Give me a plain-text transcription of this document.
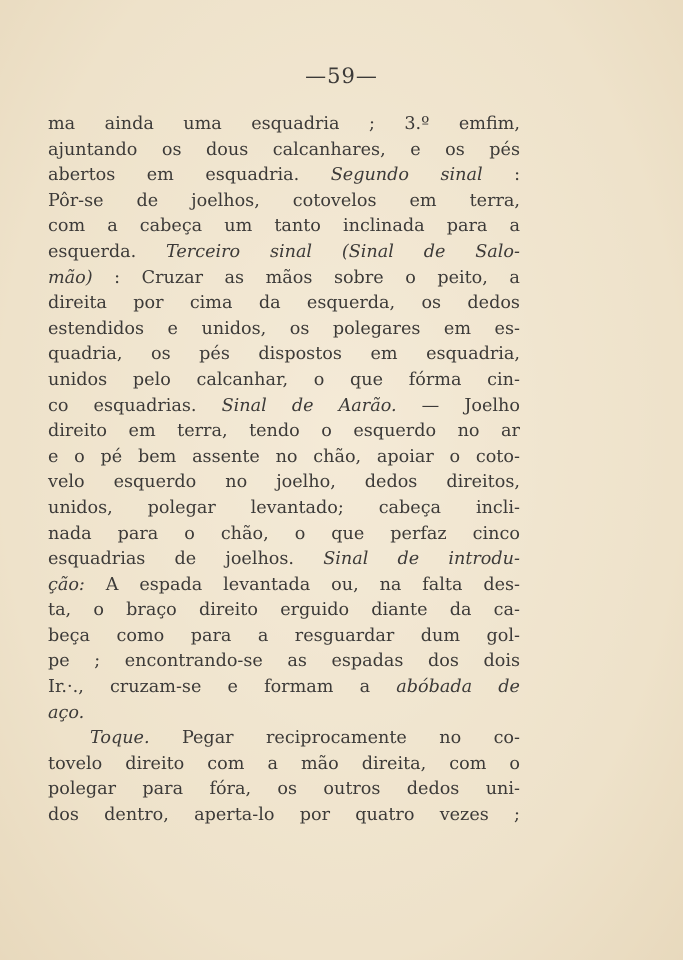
—59—
ma ainda uma esquadria ; 3.º emfim,
ajuntando os dous calcanhares, e os pés
abertos em esquadria. Segundo sinal :
Pôr-se de joelhos, cotovelos em terra,
com a cabeça um tanto inclinada para a
esquerda. Terceiro sinal (Sinal de Salo-
mão) : Cruzar as mãos sobre o peito, a
direita por cima da esquerda, os dedos
estendidos e unidos, os polegares em es-
quadria, os pés dispostos em esquadria,
unidos pelo calcanhar, o que fórma cin-
co esquadrias. Sinal de Aarão. — Joelho
direito em terra, tendo o esquerdo no ar
e o pé bem assente no chão, apoiar o coto-
velo esquerdo no joelho, dedos direitos,
unidos, polegar levantado; cabeça incli-
nada para o chão, o que perfaz cinco
esquadrias de joelhos. Sinal de introdu-
ção: A espada levantada ou, na falta des-
ta, o braço direito erguido diante da ca-
beça como para a resguardar dum gol-
pe ; encontrando-se as espadas dos dois
Ir.·., cruzam-se e formam a abóbada de
aço.
Toque. Pegar reciprocamente no co-
tovelo direito com a mão direita, com o
polegar para fóra, os outros dedos uni-
dos dentro, aperta-lo por quatro vezes ;
